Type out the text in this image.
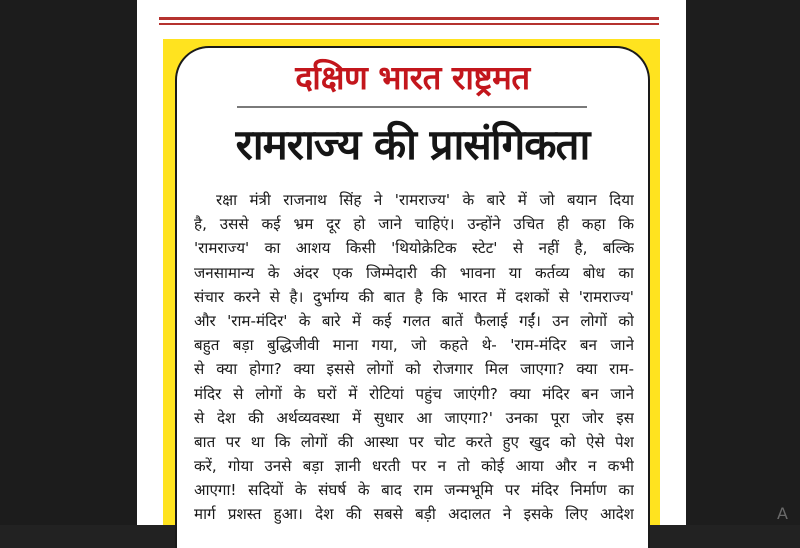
A
दक्षिण भारत राष्ट्रमत
रामराज्य की प्रासंगिकता
रक्षा मंत्री राजनाथ सिंह ने 'रामराज्य' के बारे में जो बयान दिया
है, उससे कई भ्रम दूर हो जाने चाहिएं। उन्होंने उचित ही कहा कि
'रामराज्य' का आशय किसी 'थियोक्रेटिक स्टेट' से नहीं है, बल्कि
जनसामान्य के अंदर एक जिम्मेदारी की भावना या कर्तव्य बोध का
संचार करने से है। दुर्भाग्य की बात है कि भारत में दशकों से 'रामराज्य'
और 'राम-मंदिर' के बारे में कई गलत बातें फैलाई गईं। उन लोगों को
बहुत बड़ा बुद्धिजीवी माना गया, जो कहते थे- 'राम-मंदिर बन जाने
से क्या होगा? क्या इससे लोगों को रोजगार मिल जाएगा? क्या राम-
मंदिर से लोगों के घरों में रोटियां पहुंच जाएंगी? क्या मंदिर बन जाने
से देश की अर्थव्यवस्था में सुधार आ जाएगा?' उनका पूरा जोर इस
बात पर था कि लोगों की आस्था पर चोट करते हुए खुद को ऐसे पेश
करें, गोया उनसे बड़ा ज्ञानी धरती पर न तो कोई आया और न कभी
आएगा! सदियों के संघर्ष के बाद राम जन्मभूमि पर मंदिर निर्माण का
मार्ग प्रशस्त हुआ। देश की सबसे बड़ी अदालत ने इसके लिए आदेश
